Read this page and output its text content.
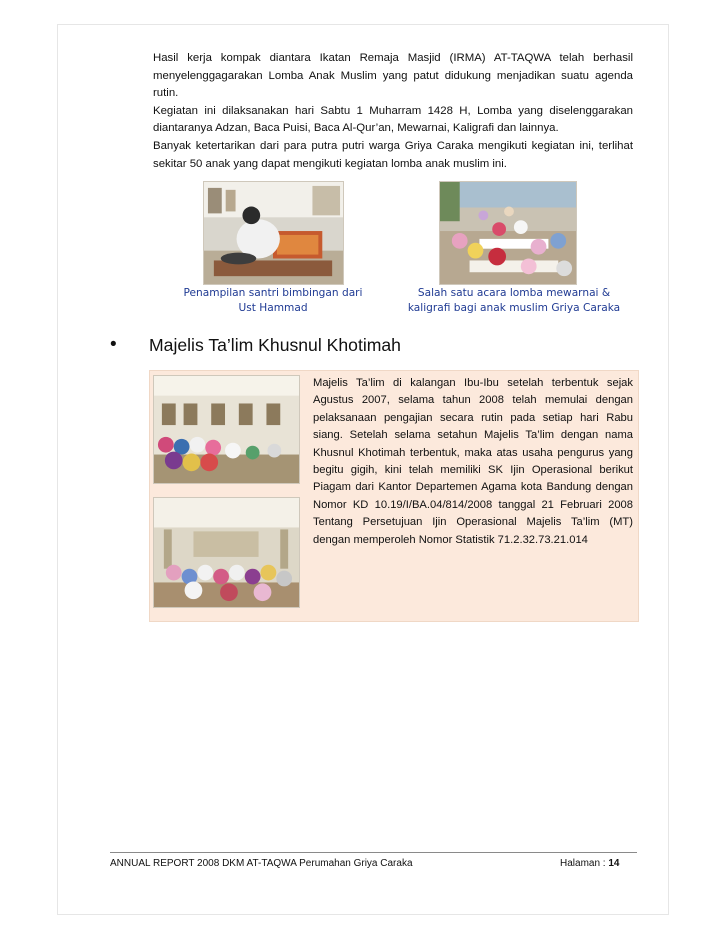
Hasil kerja kompak diantara Ikatan Remaja Masjid (IRMA) AT-TAQWA telah berhasil menyelenggagarakan Lomba Anak Muslim yang patut didukung menjadikan suatu agenda rutin.

Kegiatan ini dilaksanakan hari Sabtu 1 Muharram 1428 H, Lomba yang diselenggarakan diantaranya Adzan, Baca Puisi, Baca Al-Qur’an, Mewarnai, Kaligrafi dan lainnya.

Banyak ketertarikan dari para putra putri warga Griya Caraka mengikuti kegiatan ini, terlihat sekitar 50 anak yang dapat mengikuti kegiatan lomba anak muslim ini.

Penampilan santri bimbingan dari
Ust Hammad
Salah satu acara lomba mewarnai &
kaligrafi bagi anak muslim Griya Caraka
• Majelis Ta’lim Khusnul Khotimah

Majelis Ta’lim di kalangan Ibu-Ibu setelah terbentuk sejak Agustus 2007, selama tahun 2008 telah memulai dengan pelaksanaan pengajian secara rutin pada setiap hari Rabu siang. Setelah selama setahun Majelis Ta’lim dengan nama Khusnul Khotimah terbentuk, maka atas usaha pengurus yang begitu gigih, kini telah memiliki SK Ijin Operasional berikut Piagam dari Kantor Departemen Agama kota Bandung dengan Nomor KD 10.19/I/BA.04/814/2008 tanggal 21 Februari 2008 Tentang Persetujuan Ijin Operasional Majelis Ta’lim (MT) dengan memperoleh Nomor Statistik 71.2.32.73.21.014

ANNUAL REPORT 2008 DKM AT-TAQWA Perumahan Griya Caraka	Halaman : 14
